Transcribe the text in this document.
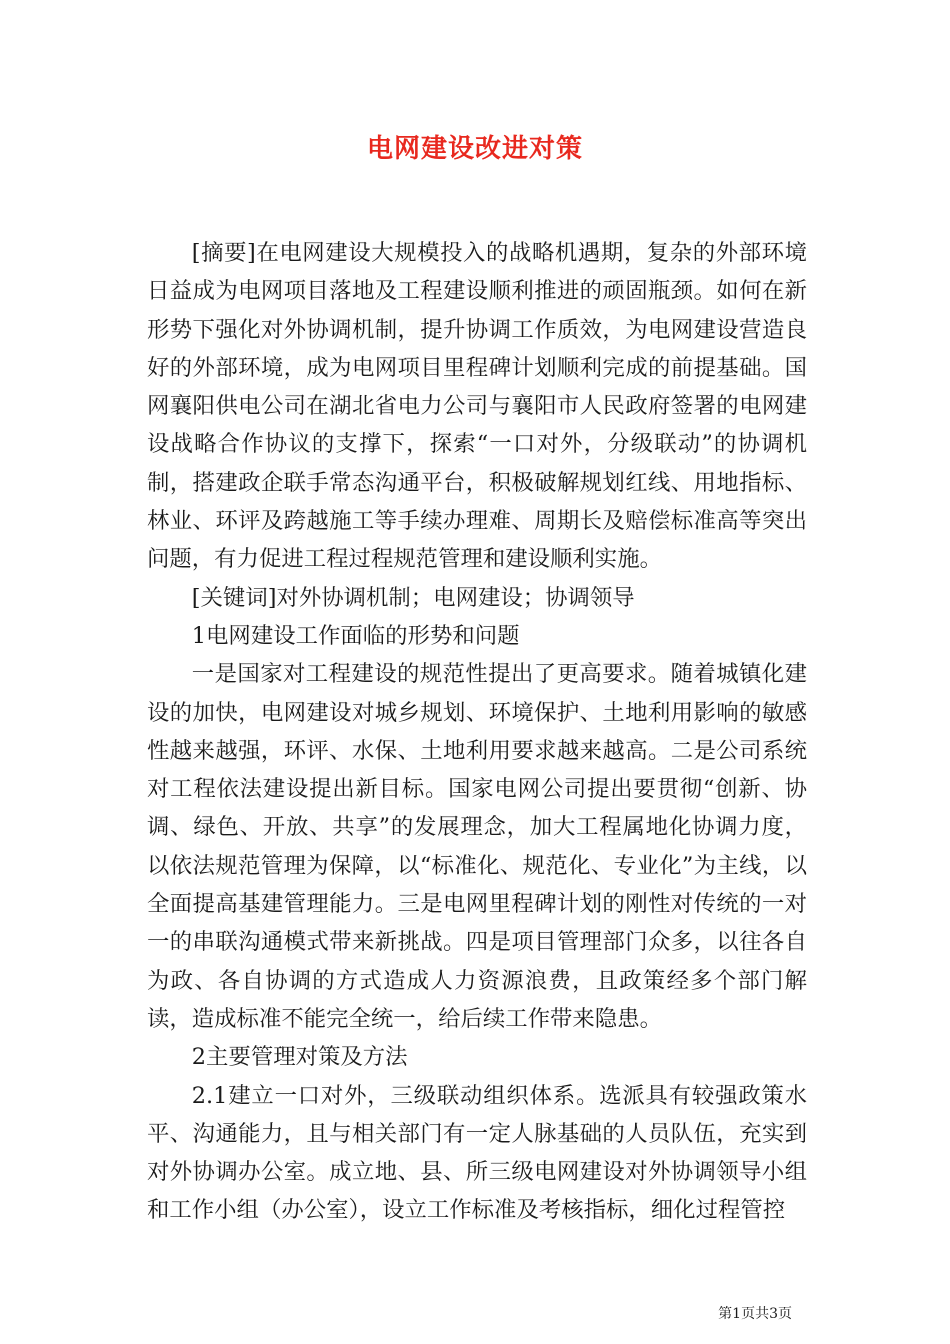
电网建设改进对策

[摘要]在电网建设大规模投入的战略机遇期，复杂的外部环境日益成为电网项目落地及工程建设顺利推进的顽固瓶颈。如何在新形势下强化对外协调机制，提升协调工作质效，为电网建设营造良好的外部环境，成为电网项目里程碑计划顺利完成的前提基础。国网襄阳供电公司在湖北省电力公司与襄阳市人民政府签署的电网建设战略合作协议的支撑下，探索“一口对外，分级联动”的协调机制，搭建政企联手常态沟通平台，积极破解规划红线、用地指标、林业、环评及跨越施工等手续办理难、周期长及赔偿标准高等突出问题，有力促进工程过程规范管理和建设顺利实施。

[关键词]对外协调机制；电网建设；协调领导

1电网建设工作面临的形势和问题

一是国家对工程建设的规范性提出了更高要求。随着城镇化建设的加快，电网建设对城乡规划、环境保护、土地利用影响的敏感性越来越强，环评、水保、土地利用要求越来越高。二是公司系统对工程依法建设提出新目标。国家电网公司提出要贯彻“创新、协调、绿色、开放、共享”的发展理念，加大工程属地化协调力度，以依法规范管理为保障，以“标准化、规范化、专业化”为主线，以全面提高基建管理能力。三是电网里程碑计划的刚性对传统的一对一的串联沟通模式带来新挑战。四是项目管理部门众多，以往各自为政、各自协调的方式造成人力资源浪费，且政策经多个部门解读，造成标准不能完全统一，给后续工作带来隐患。

2主要管理对策及方法

2.1建立一口对外，三级联动组织体系。选派具有较强政策水平、沟通能力，且与相关部门有一定人脉基础的人员队伍，充实到对外协调办公室。成立地、县、所三级电网建设对外协调领导小组和工作小组（办公室），设立工作标准及考核指标，细化过程管控

第1页共3页
